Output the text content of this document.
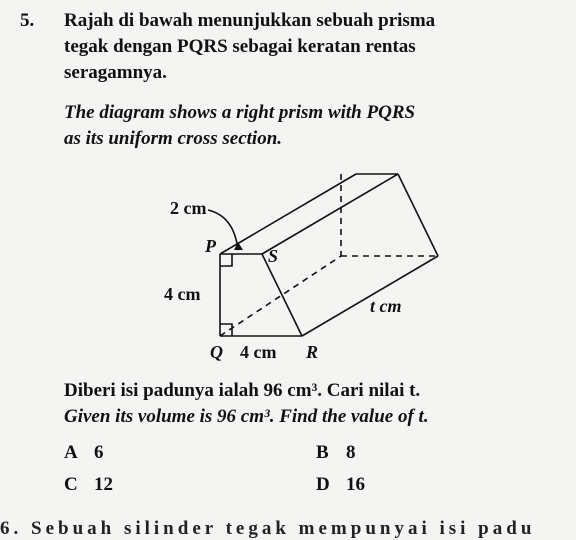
5. Rajah di bawah menunjukkan sebuah prisma
tegak dengan PQRS sebagai keratan rentas
seragamnya.
The diagram shows a right prism with PQRS
as its uniform cross section.
2 cm
P	S
4 cm
Q 4 cm R
t cm
Diberi isi padunya ialah 96 cm³. Cari nilai t.
Given its volume is 96 cm³. Find the value of t.
A 6	B 8
C 12	D 16
6. Sebuah silinder tegak mempunyai isi padu
